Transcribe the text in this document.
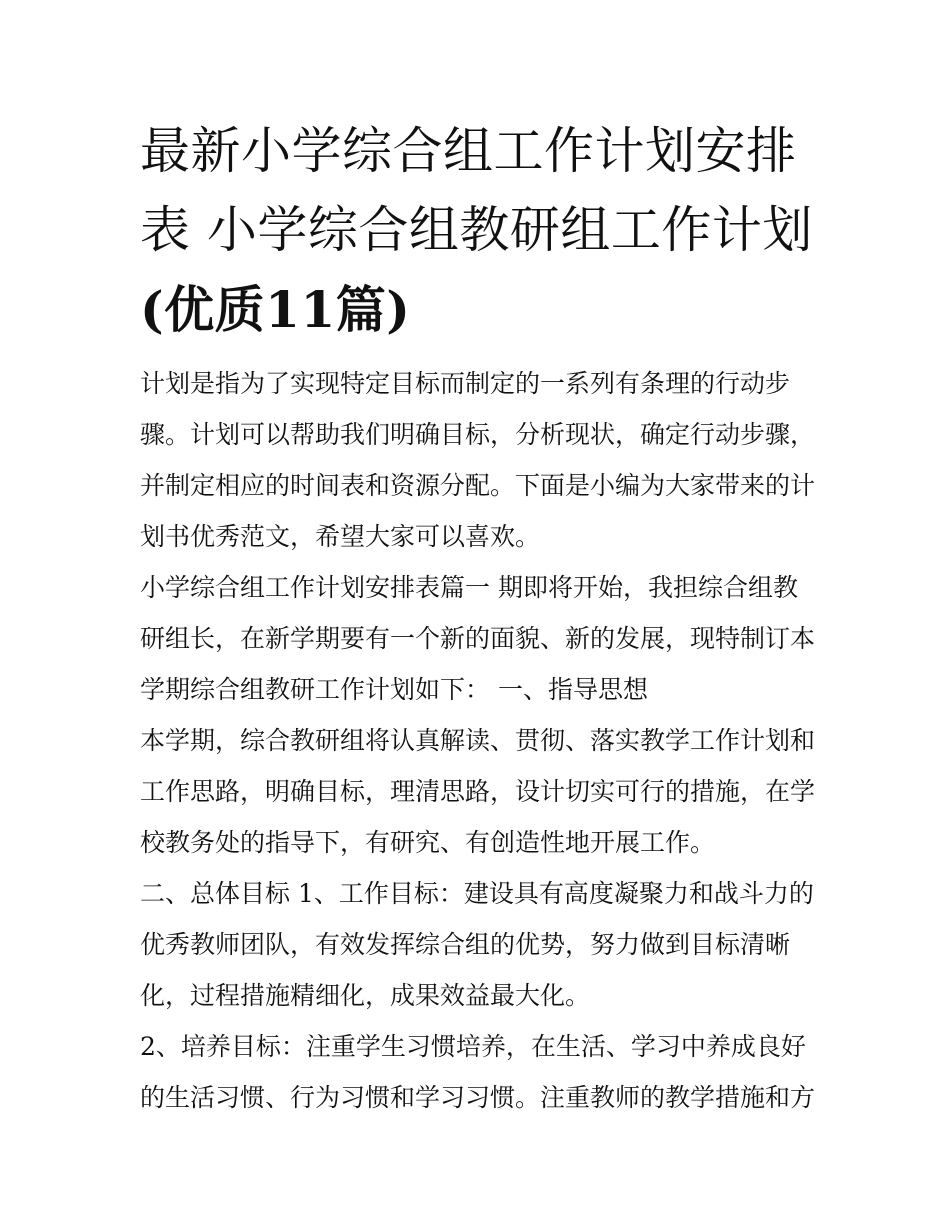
最新小学综合组工作计划安排
表 小学综合组教研组工作计划
(优质11篇)

计划是指为了实现特定目标而制定的一系列有条理的行动步
骤。计划可以帮助我们明确目标，分析现状，确定行动步骤，
并制定相应的时间表和资源分配。下面是小编为大家带来的计
划书优秀范文，希望大家可以喜欢。

小学综合组工作计划安排表篇一 期即将开始，我担综合组教
研组长，在新学期要有一个新的面貌、新的发展，现特制订本
学期综合组教研工作计划如下： 一、指导思想

本学期，综合教研组将认真解读、贯彻、落实教学工作计划和
工作思路，明确目标，理清思路，设计切实可行的措施，在学
校教务处的指导下，有研究、有创造性地开展工作。

二、总体目标 1、工作目标：建设具有高度凝聚力和战斗力的
优秀教师团队，有效发挥综合组的优势，努力做到目标清晰
化，过程措施精细化，成果效益最大化。

2、培养目标：注重学生习惯培养，在生活、学习中养成良好
的生活习惯、行为习惯和学习习惯。注重教师的教学措施和方
